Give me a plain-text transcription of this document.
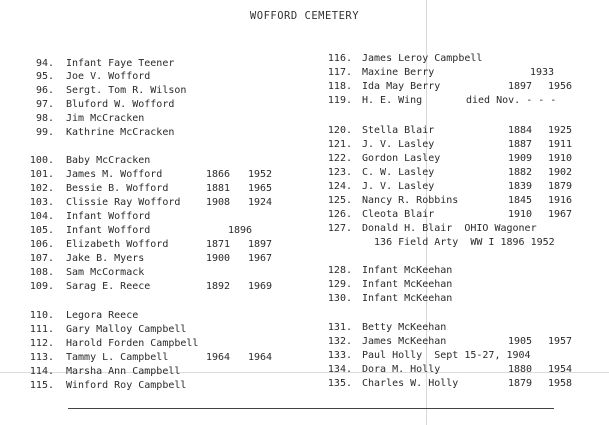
WOFFORD CEMETERY
94. Infant Faye Teener
95. Joe V. Wofford
96. Sergt. Tom R. Wilson
97. Bluford W. Wofford
98. Jim McCracken
99. Kathrine McCracken
100. Baby McCracken
101. James M. Wofford	1866 1952
102. Bessie B. Wofford	1881 1965
103. Clissie Ray Wofford	1908 1924
104. Infant Wofford
105. Infant Wofford	1896
106. Elizabeth Wofford	1871 1897
107. Jake B. Myers	1900 1967
108. Sam McCormack
109. Sarag E. Reece	1892 1969
110. Legora Reece
111. Gary Malloy Campbell
112. Harold Forden Campbell
113. Tammy L. Campbell	1964 1964
114. Marsha Ann Campbell
115. Winford Roy Campbell
116. James Leroy Campbell
117. Maxine Berry	1933
118. Ida May Berry	1897 1956
119. H. E. Wing	died Nov. - - -
120. Stella Blair	1884 1925
121. J. V. Lasley	1887 1911
122. Gordon Lasley	1909 1910
123. C. W. Lasley	1882 1902
124. J. V. Lasley	1839 1879
125. Nancy R. Robbins	1845 1916
126. Cleota Blair	1910 1967
127. Donald H. Blair  OHIO Wagoner
136 Field Arty  WW I 1896 1952
128. Infant McKeehan
129. Infant McKeehan
130. Infant McKeehan
131. Betty McKeehan
132. James McKeehan	1905 1957
133. Paul Holly  Sept 15-27, 1904
134. Dora M. Holly	1880 1954
135. Charles W. Holly	1879 1958
